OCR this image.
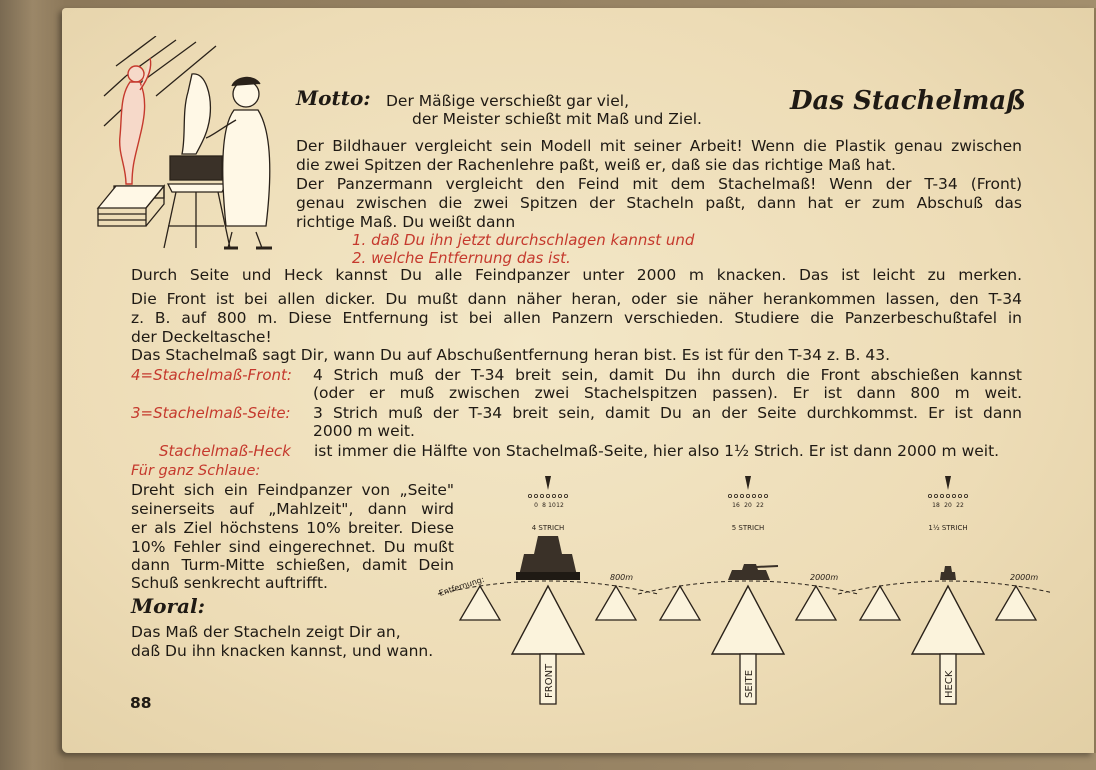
Motto: Der Mäßige verschießt gar viel,
der Meister schießt mit Maß und Ziel.
Das Stachelmaß
Der Bildhauer vergleicht sein Modell mit seiner Arbeit! Wenn die Plastik genau zwischen
die zwei Spitzen der Rachenlehre paßt, weiß er, daß sie das richtige Maß hat.
Der Panzermann vergleicht den Feind mit dem Stachelmaß! Wenn der T-34 (Front)
genau zwischen die zwei Spitzen der Stacheln paßt, dann hat er zum Abschuß das
richtige Maß. Du weißt dann
1. daß Du ihn jetzt durchschlagen kannst und
2. welche Entfernung das ist.
Durch Seite und Heck kannst Du alle Feindpanzer unter 2000 m knacken. Das ist leicht zu merken.
Die Front ist bei allen dicker. Du mußt dann näher heran, oder sie näher herankommen lassen, den T-34
z. B. auf 800 m. Diese Entfernung ist bei allen Panzern verschieden. Studiere die Panzerbeschußtafel in
der Deckeltasche!
Das Stachelmaß sagt Dir, wann Du auf Abschußentfernung heran bist. Es ist für den T-34 z. B. 43.
4=Stachelmaß-Front: 4 Strich muß der T-34 breit sein, damit Du ihn durch die Front abschießen kannst
(oder er muß zwischen zwei Stachelspitzen passen). Er ist dann 800 m weit.
3=Stachelmaß-Seite: 3 Strich muß der T-34 breit sein, damit Du an der Seite durchkommst. Er ist dann
2000 m weit.
Stachelmaß-Heck ist immer die Hälfte von Stachelmaß-Seite, hier also 1½ Strich. Er ist dann 2000 m weit.
Für ganz Schlaue:
Dreht sich ein Feindpanzer von „Seite"
seinerseits auf „Mahlzeit", dann wird
er als Ziel höchstens 10% breiter. Diese
10% Fehler sind eingerechnet. Du mußt
dann Turm-Mitte schießen, damit Dein
Schuß senkrecht auftrifft.
Moral:
Das Maß der Stacheln zeigt Dir an,
daß Du ihn knacken kannst, und wann.
88
0 8 10 12
4 STRICH
FRONT
800m
Entfernung:
16 20 22
5 STRICH
SEITE
2000m
18 20 22
1½ STRICH
HECK
2000m
